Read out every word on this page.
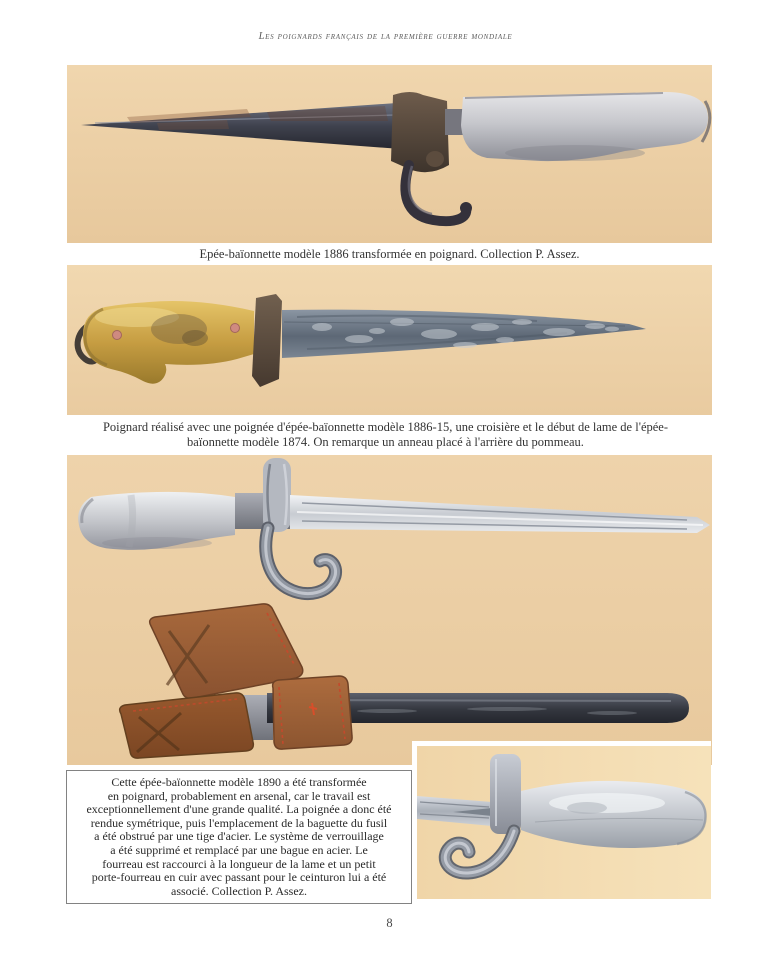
Les poignards français de la première guerre mondiale
Epée-baïonnette modèle 1886 transformée en poignard. Collection P. Assez.
Poignard réalisé avec une poignée d'épée-baïonnette modèle 1886-15, une croisière et le début de lame de l'épée-
baïonnette modèle 1874. On remarque un anneau placé à l'arrière du pommeau.
Cette épée-baïonnette modèle 1890 a été transformée
en poignard, probablement en arsenal, car le travail est
exceptionnellement d'une grande qualité. La poignée a donc été
rendue symétrique, puis l'emplacement de la baguette du fusil
a été obstrué par une tige d'acier. Le système de verrouillage
a été supprimé et remplacé par une bague en acier. Le
fourreau est raccourci à la longueur de la lame et un petit
porte-fourreau en cuir avec passant pour le ceinturon lui a été
associé. Collection P. Assez.
8
